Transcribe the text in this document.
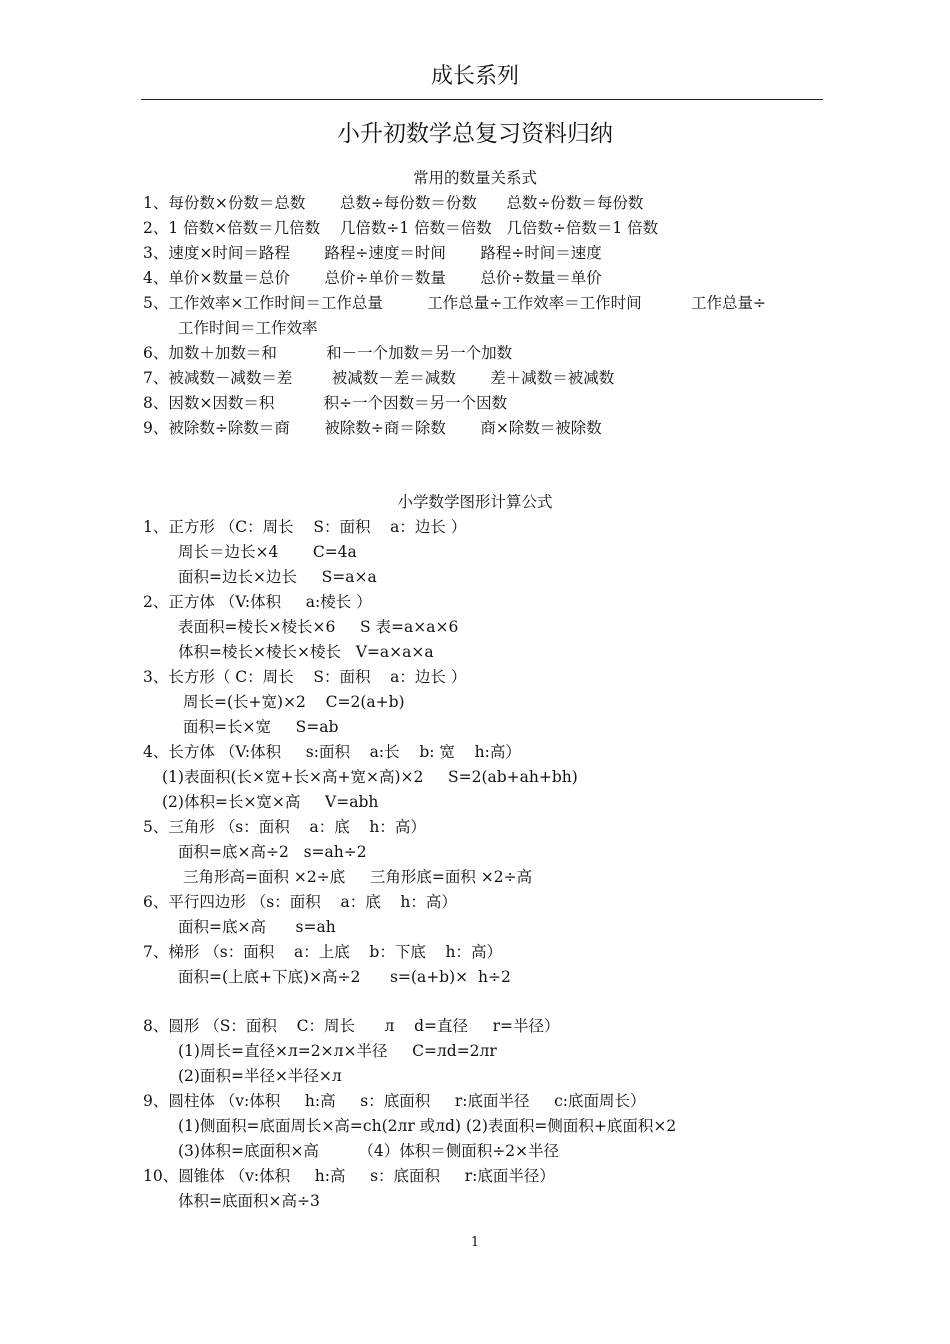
成长系列
小升初数学总复习资料归纳
常用的数量关系式
1、每份数×份数＝总数       总数÷每份数＝份数      总数÷份数＝每份数
2、1 倍数×倍数＝几倍数    几倍数÷1 倍数＝倍数   几倍数÷倍数＝1 倍数
3、速度×时间＝路程       路程÷速度＝时间       路程÷时间＝速度
4、单价×数量＝总价       总价÷单价＝数量       总价÷数量＝单价
5、工作效率×工作时间＝工作总量         工作总量÷工作效率＝工作时间          工作总量÷
工作时间＝工作效率
6、加数＋加数＝和          和－一个加数＝另一个加数
7、被减数－减数＝差        被减数－差＝减数       差＋减数＝被减数
8、因数×因数＝积          积÷一个因数＝另一个因数
9、被除数÷除数＝商       被除数÷商＝除数       商×除数＝被除数
小学数学图形计算公式
1、正方形 （C：周长    S：面积    a：边长 ）
周长＝边长×4       C=4a
面积=边长×边长     S=a×a
2、正方体 （V:体积     a:棱长 ）
表面积=棱长×棱长×6     S 表=a×a×6
体积=棱长×棱长×棱长   V=a×a×a
3、长方形（ C：周长    S：面积    a：边长 ）
周长=(长+宽)×2    C=2(a+b)
面积=长×宽     S=ab
4、长方体 （V:体积     s:面积    a:长    b: 宽    h:高）
(1)表面积(长×宽+长×高+宽×高)×2     S=2(ab+ah+bh)
(2)体积=长×宽×高     V=abh
5、三角形 （s：面积    a：底    h：高）
面积=底×高÷2   s=ah÷2
三角形高=面积 ×2÷底     三角形底=面积 ×2÷高
6、平行四边形 （s：面积    a：底    h：高）
面积=底×高      s=ah
7、梯形 （s：面积    a：上底    b：下底    h：高）
面积=(上底+下底)×高÷2      s=(a+b)×  h÷2
8、圆形 （S：面积    C：周长      л    d=直径     r=半径）
(1)周长=直径×л=2×л×半径     C=лd=2лr
(2)面积=半径×半径×л
9、圆柱体 （v:体积     h:高     s：底面积     r:底面半径     c:底面周长）
(1)侧面积=底面周长×高=ch(2лr 或лd) (2)表面积=侧面积+底面积×2
(3)体积=底面积×高        （4）体积＝侧面积÷2×半径
10、圆锥体 （v:体积     h:高     s：底面积     r:底面半径）
体积=底面积×高÷3
1
